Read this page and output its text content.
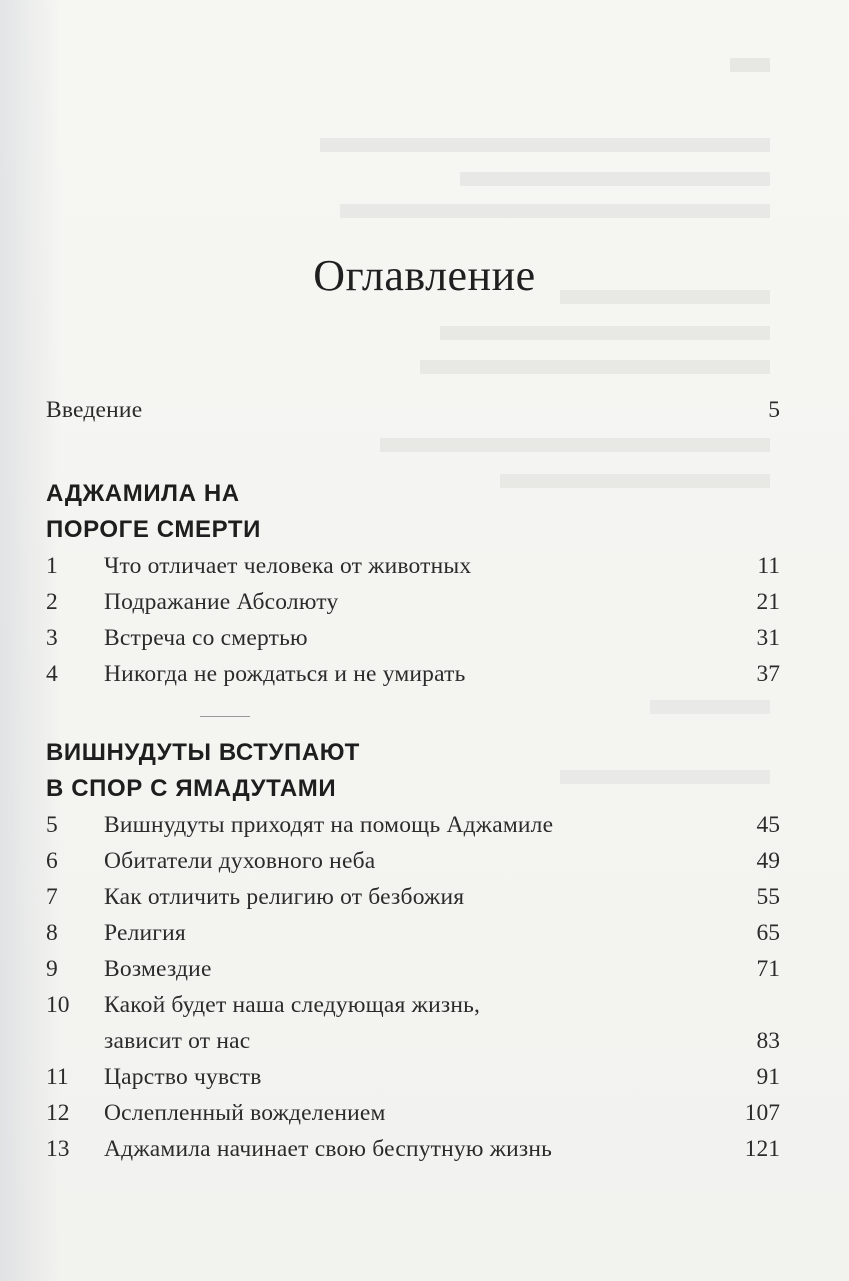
Оглавление
Введение	5
АДЖАМИЛА НА
ПОРОГЕ СМЕРТИ
1	Что отличает человека от животных	11
2	Подражание Абсолюту	21
3	Встреча со смертью	31
4	Никогда не рождаться и не умирать	37
ВИШНУДУТЫ ВСТУПАЮТ
В СПОР С ЯМАДУТАМИ
5	Вишнудуты приходят на помощь Аджамиле	45
6	Обитатели духовного неба	49
7	Как отличить религию от безбожия	55
8	Религия	65
9	Возмездие	71
10	Какой будет наша следующая жизнь,
зависит от нас	83
11	Царство чувств	91
12	Ослепленный вожделением	107
13	Аджамила начинает свою беспутную жизнь	121
